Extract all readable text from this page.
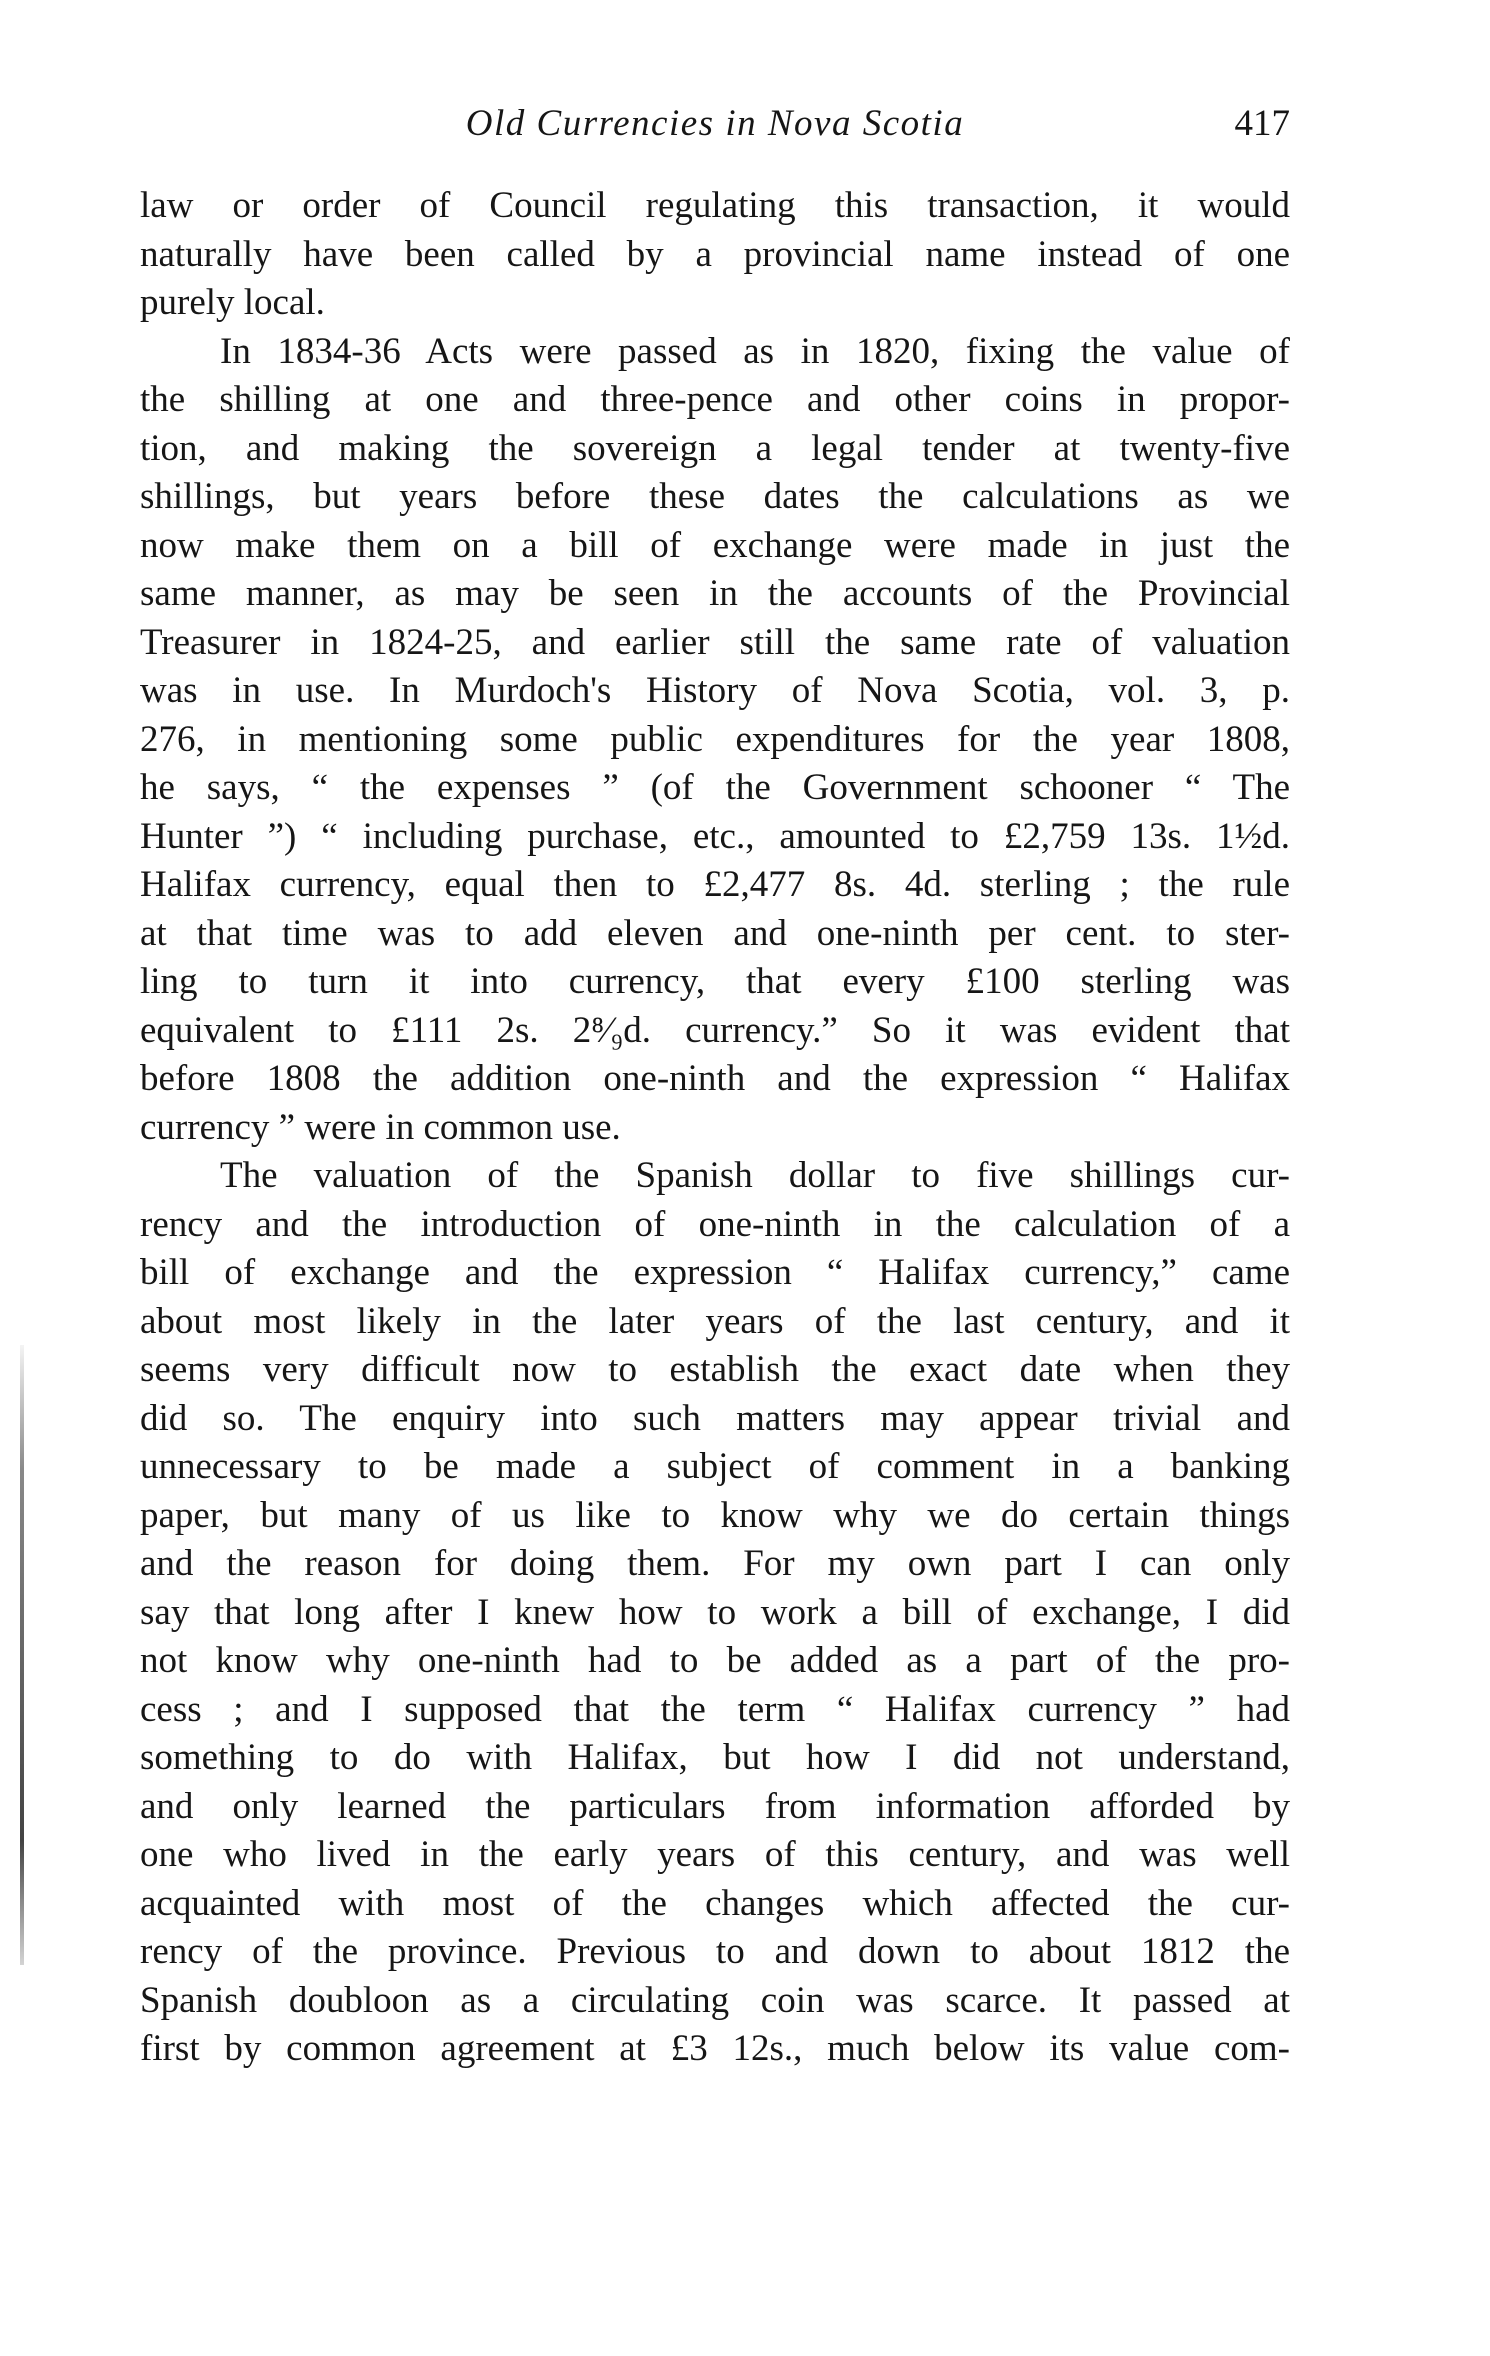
Old Currencies in Nova Scotia	417
law or order of Council regulating this transaction, it would
naturally have been called by a provincial name instead of one
purely local.
In 1834-36 Acts were passed as in 1820, fixing the value of
the shilling at one and three-pence and other coins in propor-
tion, and making the sovereign a legal tender at twenty-five
shillings, but years before these dates the calculations as we
now make them on a bill of exchange were made in just the
same manner, as may be seen in the accounts of the Provincial
Treasurer in 1824-25, and earlier still the same rate of valuation
was in use. In Murdoch's History of Nova Scotia, vol. 3, p.
276, in mentioning some public expenditures for the year 1808,
he says, “ the expenses ” (of the Government schooner “ The
Hunter ”) “ including purchase, etc., amounted to £2,759 13s. 1½d.
Halifax currency, equal then to £2,477 8s. 4d. sterling ; the rule
at that time was to add eleven and one-ninth per cent. to ster-
ling to turn it into currency, that every £100 sterling was
equivalent to £111 2s. 2⁸⁄₉d. currency.” So it was evident that
before 1808 the addition one-ninth and the expression “ Halifax
currency ” were in common use.
The valuation of the Spanish dollar to five shillings cur-
rency and the introduction of one-ninth in the calculation of a
bill of exchange and the expression “ Halifax currency,” came
about most likely in the later years of the last century, and it
seems very difficult now to establish the exact date when they
did so. The enquiry into such matters may appear trivial and
unnecessary to be made a subject of comment in a banking
paper, but many of us like to know why we do certain things
and the reason for doing them. For my own part I can only
say that long after I knew how to work a bill of exchange, I did
not know why one-ninth had to be added as a part of the pro-
cess ; and I supposed that the term “ Halifax currency ” had
something to do with Halifax, but how I did not understand,
and only learned the particulars from information afforded by
one who lived in the early years of this century, and was well
acquainted with most of the changes which affected the cur-
rency of the province. Previous to and down to about 1812 the
Spanish doubloon as a circulating coin was scarce. It passed at
first by common agreement at £3 12s., much below its value com-
